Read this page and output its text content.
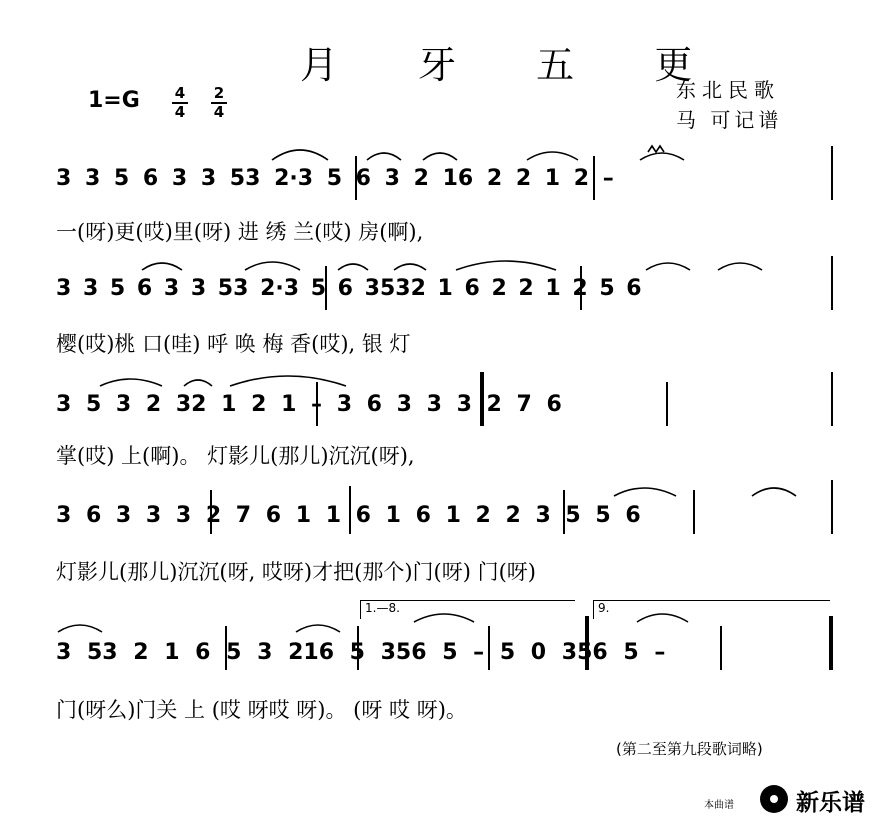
月 牙 五 更
1=G 4
4
2
4
东北民歌
马 可记谱
3 3 5 6 3 3 53 2·3 5 6 3 2 16 2 2 1 2 –
一(呀)更(哎)里(呀) 进 绣 兰(哎) 房(啊),
3 3 5 6 3 3 53 2·3 5 6 3532 1 6 2 2 1 2 5 6
樱(哎)桃 口(哇) 呼 唤 梅 香(哎), 银 灯
3 5 3 2 32 1 2 1 – 3 6 3 3 3 2 7 6
掌(哎) 上(啊)。 灯影儿(那儿)沉沉(呀),
3 6 3 3 3 2 7 6 1 1 6 1 6 1 2 2 3 5 5 6
灯影儿(那儿)沉沉(呀, 哎呀)才把(那个)门(呀) 门(呀)
3 53 2 1 6 5 3 216 5 356 5 – 5 0 356 5 –
门(呀么)门关 上 (哎 呀哎 呀)。 (呀 哎 呀)。
1.—8.	9.
(第二至第九段歌词略)
本曲谱	新乐谱
